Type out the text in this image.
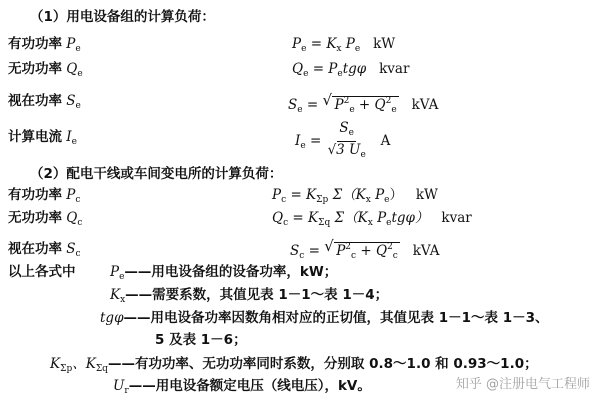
（1）用电设备组的计算负荷：
有功功率 $P_e$	$P_e = K_x$ $P_e$ kW
无功功率 $Q_e$	$Q_e = P_etg\varphi$ kvar
视在功率 $S_e$	$S_e$ = √ $P^2_e + Q^2_e$ kVA
计算电流 $I_e$	$I_e = \frac{S_e}{√3 U_e}$ A
（2）配电干线或车间变电所的计算负荷：
有功功率 $P_c$	$P_c = K_{\Sigma p}$ $\Sigma(K_x$ $P_e$） kW
无功功率 $Q_c$	$Q_c = K_{\Sigma q}$ $\Sigma(K_x$ $P_etg\varphi$） kvar
视在功率 $S_c$	$S_c$ = √ $P^2_c + Q^2_c$ kVA
以上各式中	$P_e——$用电设备组的设备功率，kW；
$K_x——$需要系数，其值见表 1－1～表 1－4；
tgφ——用电设备功率因数角相对应的正切值，其值见表 1－1～表 1－3、
5 及表 1－6；
$K_{\Sigma p}$、$K_{\Sigma q}——$有功功率、无功功率同时系数，分别取 0.8～1.0 和 0.93～1.0；
$U_r——$用电设备额定电压（线电压），kV。	知乎 @注册电气工程师
